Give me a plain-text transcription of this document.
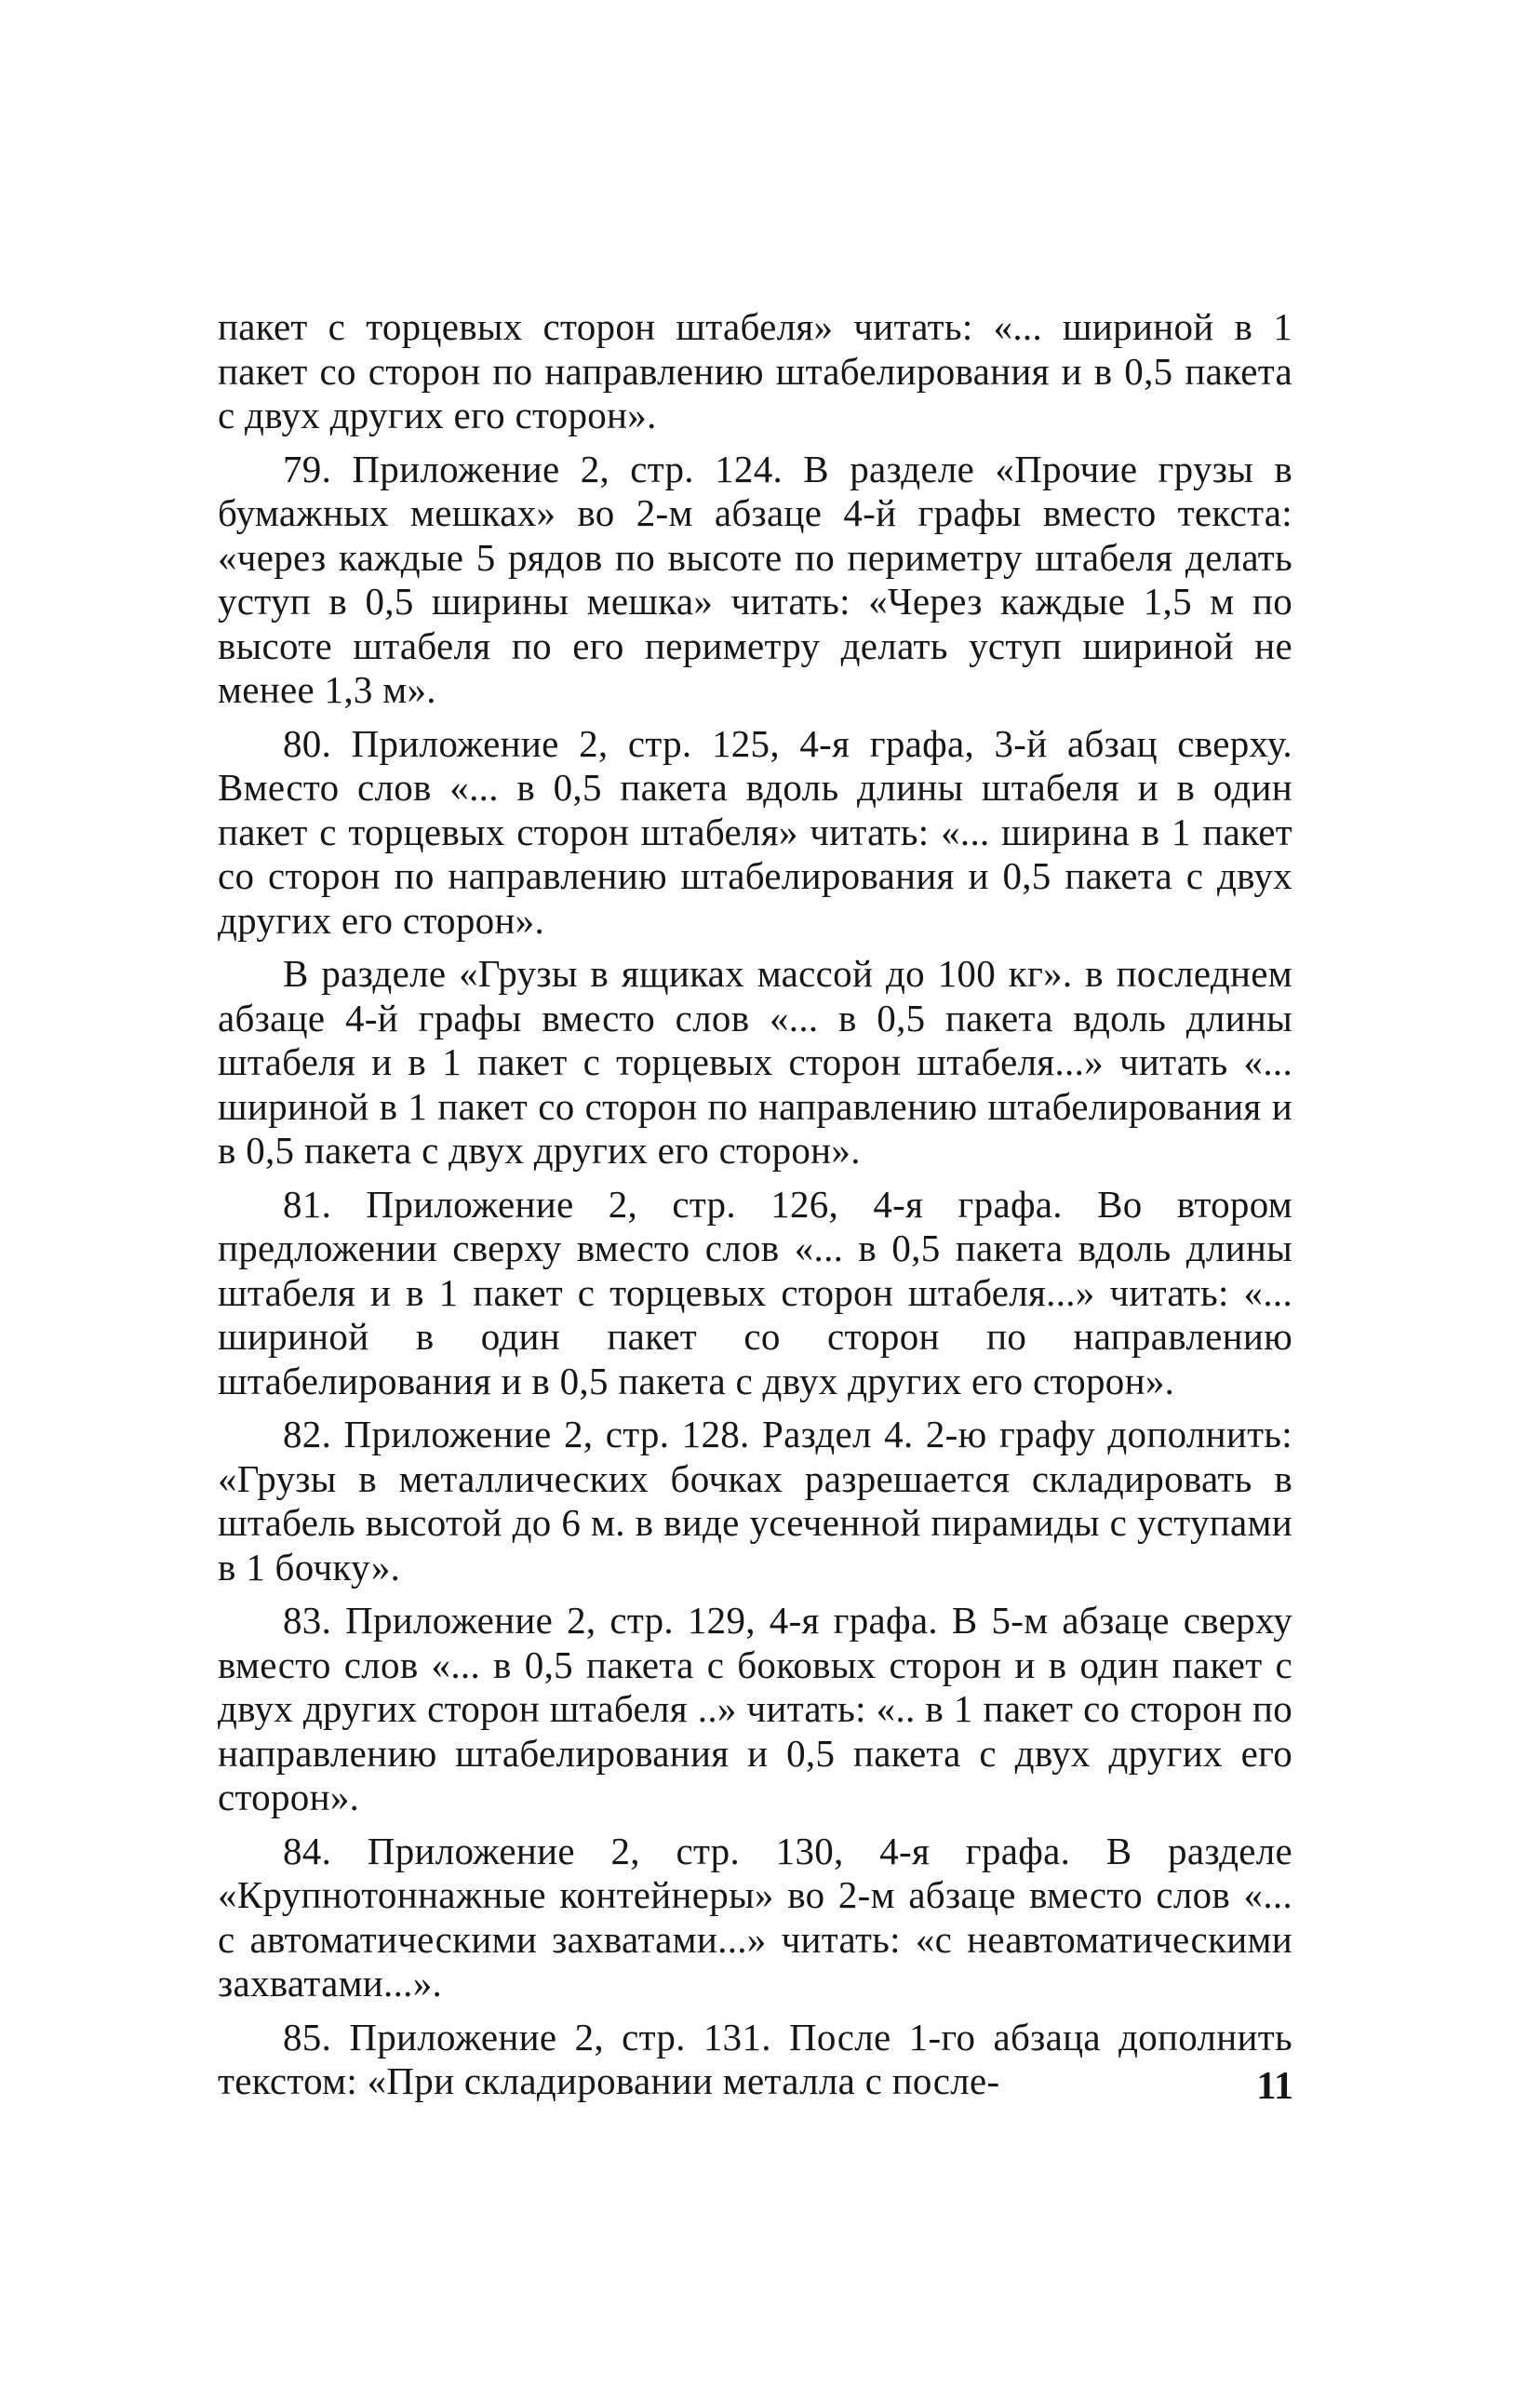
пакет с торцевых сторон штабеля» читать: «... шириной в 1 пакет со сторон по направлению штабелирования и в 0,5 пакета с двух других его сторон».

79. Приложение 2, стр. 124. В разделе «Прочие грузы в бумажных мешках» во 2-м абзаце 4-й графы вместо текста: «через каждые 5 рядов по высоте по периметру штабеля делать уступ в 0,5 ширины мешка» читать: «Через каждые 1,5 м по высоте штабеля по его периметру делать уступ шириной не менее 1,3 м».

80. Приложение 2, стр. 125, 4-я графа, 3-й абзац сверху. Вместо слов «... в 0,5 пакета вдоль длины штабеля и в один пакет с торцевых сторон штабеля» читать: «... ширина в 1 пакет со сторон по направлению штабелирования и 0,5 пакета с двух других его сторон».

В разделе «Грузы в ящиках массой до 100 кг». в последнем абзаце 4-й графы вместо слов «... в 0,5 пакета вдоль длины штабеля и в 1 пакет с торцевых сторон штабеля...» читать «... шириной в 1 пакет со сторон по направлению штабелирования и в 0,5 пакета с двух других его сторон».

81. Приложение 2, стр. 126, 4-я графа. Во втором предложении сверху вместо слов «... в 0,5 пакета вдоль длины штабеля и в 1 пакет с торцевых сторон штабеля...» читать: «... шириной в один пакет со сторон по направлению штабелирования и в 0,5 пакета с двух других его сторон».

82. Приложение 2, стр. 128. Раздел 4. 2-ю графу дополнить: «Грузы в металлических бочках разрешается складировать в штабель высотой до 6 м. в виде усеченной пирамиды с уступами в 1 бочку».

83. Приложение 2, стр. 129, 4-я графа. В 5-м абзаце сверху вместо слов «... в 0,5 пакета с боковых сторон и в один пакет с двух других сторон штабеля ..» читать: «.. в 1 пакет со сторон по направлению штабелирования и 0,5 пакета с двух других его сторон».

84. Приложение 2, стр. 130, 4-я графа. В разделе «Крупнотоннажные контейнеры» во 2-м абзаце вместо слов «... с автоматическими захватами...» читать: «с неавтоматическими захватами...».

85. Приложение 2, стр. 131. После 1-го абзаца дополнить текстом: «При складировании металла с после-	11
